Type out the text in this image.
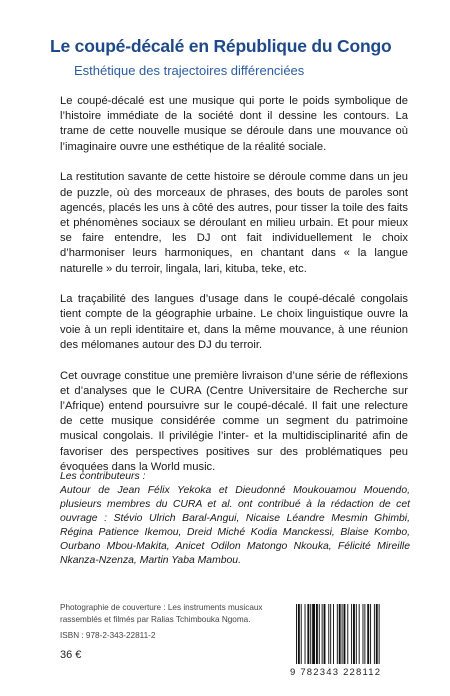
Le coupé-décalé en République du Congo
Esthétique des trajectoires différenciées

Le coupé-décalé est une musique qui porte le poids symbolique de l’histoire immédiate de la société dont il dessine les contours. La trame de cette nouvelle musique se déroule dans une mouvance où l’imaginaire ouvre une esthétique de la réalité sociale.

La restitution savante de cette histoire se déroule comme dans un jeu de puzzle, où des morceaux de phrases, des bouts de paroles sont agencés, placés les uns à côté des autres, pour tisser la toile des faits et phénomènes sociaux se déroulant en milieu urbain. Et pour mieux se faire entendre, les DJ ont fait individuellement le choix d’harmoniser leurs harmoniques, en chantant dans « la langue naturelle » du terroir, lingala, lari, kituba, teke, etc.

La traçabilité des langues d’usage dans le coupé-décalé congolais tient compte de la géographie urbaine. Le choix linguistique ouvre la voie à un repli identitaire et, dans la même mouvance, à une réunion des mélomanes autour des DJ du terroir.

Cet ouvrage constitue une première livraison d’une série de réflexions et d’analyses que le CURA (Centre Universitaire de Recherche sur l’Afrique) entend poursuivre sur le coupé-décalé. Il fait une relecture de cette musique considérée comme un segment du patrimoine musical congolais. Il privilégie l’inter- et la multidisciplinarité afin de favoriser des perspectives positives sur des problématiques peu évoquées dans la World music.

Les contributeurs :
Autour de Jean Félix Yekoka et Dieudonné Moukouamou Mouendo, plusieurs membres du CURA et al. ont contribué à la rédaction de cet ouvrage : Stévio Ulrich Baral-Angui, Nicaise Léandre Mesmin Ghimbi, Régina Patience Ikemou, Dreid Miché Kodia Manckessi, Blaise Kombo, Ourbano Mbou-Makita, Anicet Odilon Matongo Nkouka, Félicité Mireille Nkanza-Nzenza, Martin Yaba Mambou.
Photographie de couverture : Les instruments musicaux rassemblés et filmés par Ralias Tchimbouka Ngoma.
ISBN : 978-2-343-22811-2
36 €
9 782343 228112
